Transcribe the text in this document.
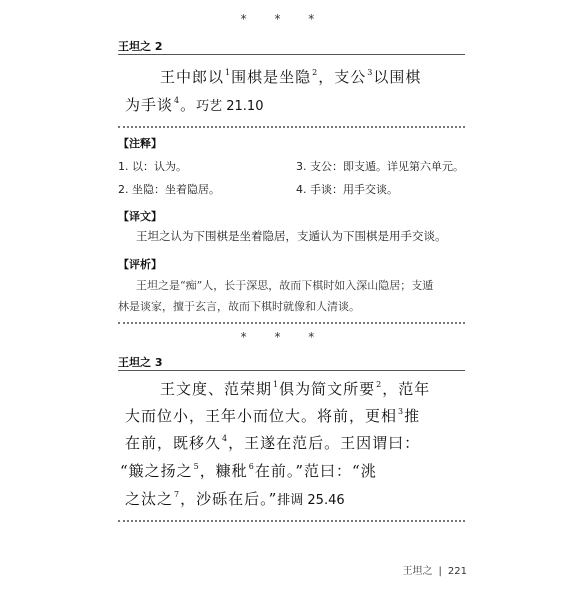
* * *
王坦之 2
王中郎以$^1$围棋是坐隐$^2$，支公$^3$以围棋
为手谈$^4$。巧艺 21.10
【注释】
1. 以：认为。	3. 支公：即支遁。详见第六单元。
2. 坐隐：坐着隐居。	4. 手谈：用手交谈。
【译文】
王坦之认为下围棋是坐着隐居，支遁认为下围棋是用手交谈。
【评析】
王坦之是“痴”人，长于深思，故而下棋时如入深山隐居；支遁
林是谈家，擅于玄言，故而下棋时就像和人清谈。
* * *
王坦之 3
王文度、范荣期$^1$俱为简文所要$^2$，范年
大而位小，王年小而位大。将前，更相$^3$推
在前，既移久$^4$，王遂在范后。王因谓曰：
“簸之扬之$^5$，糠秕$^6$在前。”范曰：“洮
之汰之$^7$，沙砾在后。”排调 25.46
王坦之 | 221
